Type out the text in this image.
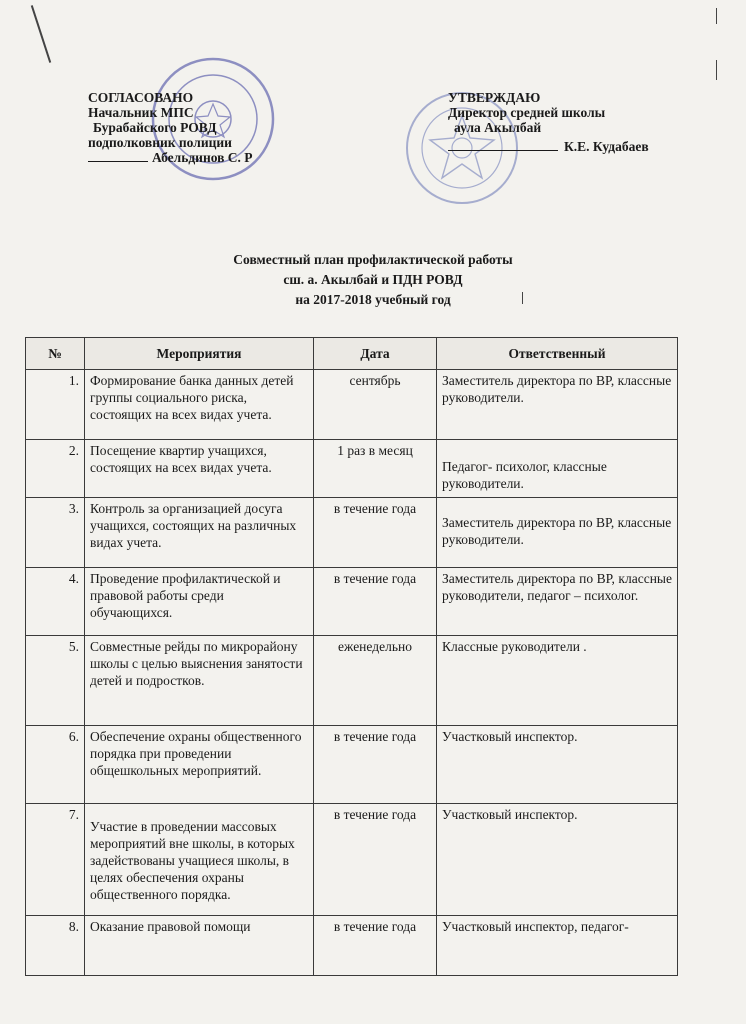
СОГЛАСОВАНО
Начальник МПС
Бурабайского РОВД
подполковник полиции
Абельдинов С. Р
УТВЕРЖДАЮ
Директор средней школы
аула Акылбай
К.Е. Кудабаев
Совместный план профилактической работы
сш. а. Акылбай и ПДН РОВД
на 2017-2018 учебный год
№	Мероприятия	Дата	Ответственный
1.	Формирование банка данных детей группы социального риска, состоящих на всех видах учета.	сентябрь	Заместитель директора по ВР, классные руководители.
2.	Посещение квартир учащихся, состоящих на всех видах учета.	1 раз в месяц	Педагог- психолог, классные руководители.
3.	Контроль за организацией досуга учащихся, состоящих на различных видах учета.	в течение года	Заместитель директора по ВР, классные руководители.
4.	Проведение профилактической и правовой работы среди обучающихся.	в течение года	Заместитель директора по ВР, классные руководители, педагог – психолог.
5.	Совместные рейды по микрорайону школы с целью выяснения занятости детей и подростков.	еженедельно	Классные руководители .
6.	Обеспечение охраны общественного порядка при проведении общешкольных мероприятий.	в течение года	Участковый инспектор.
7.	Участие в проведении массовых мероприятий вне школы, в которых задействованы учащиеся школы, в целях обеспечения охраны общественного порядка.	в течение года	Участковый инспектор.
8.	Оказание правовой помощи	в течение года	Участковый инспектор, педагог-
